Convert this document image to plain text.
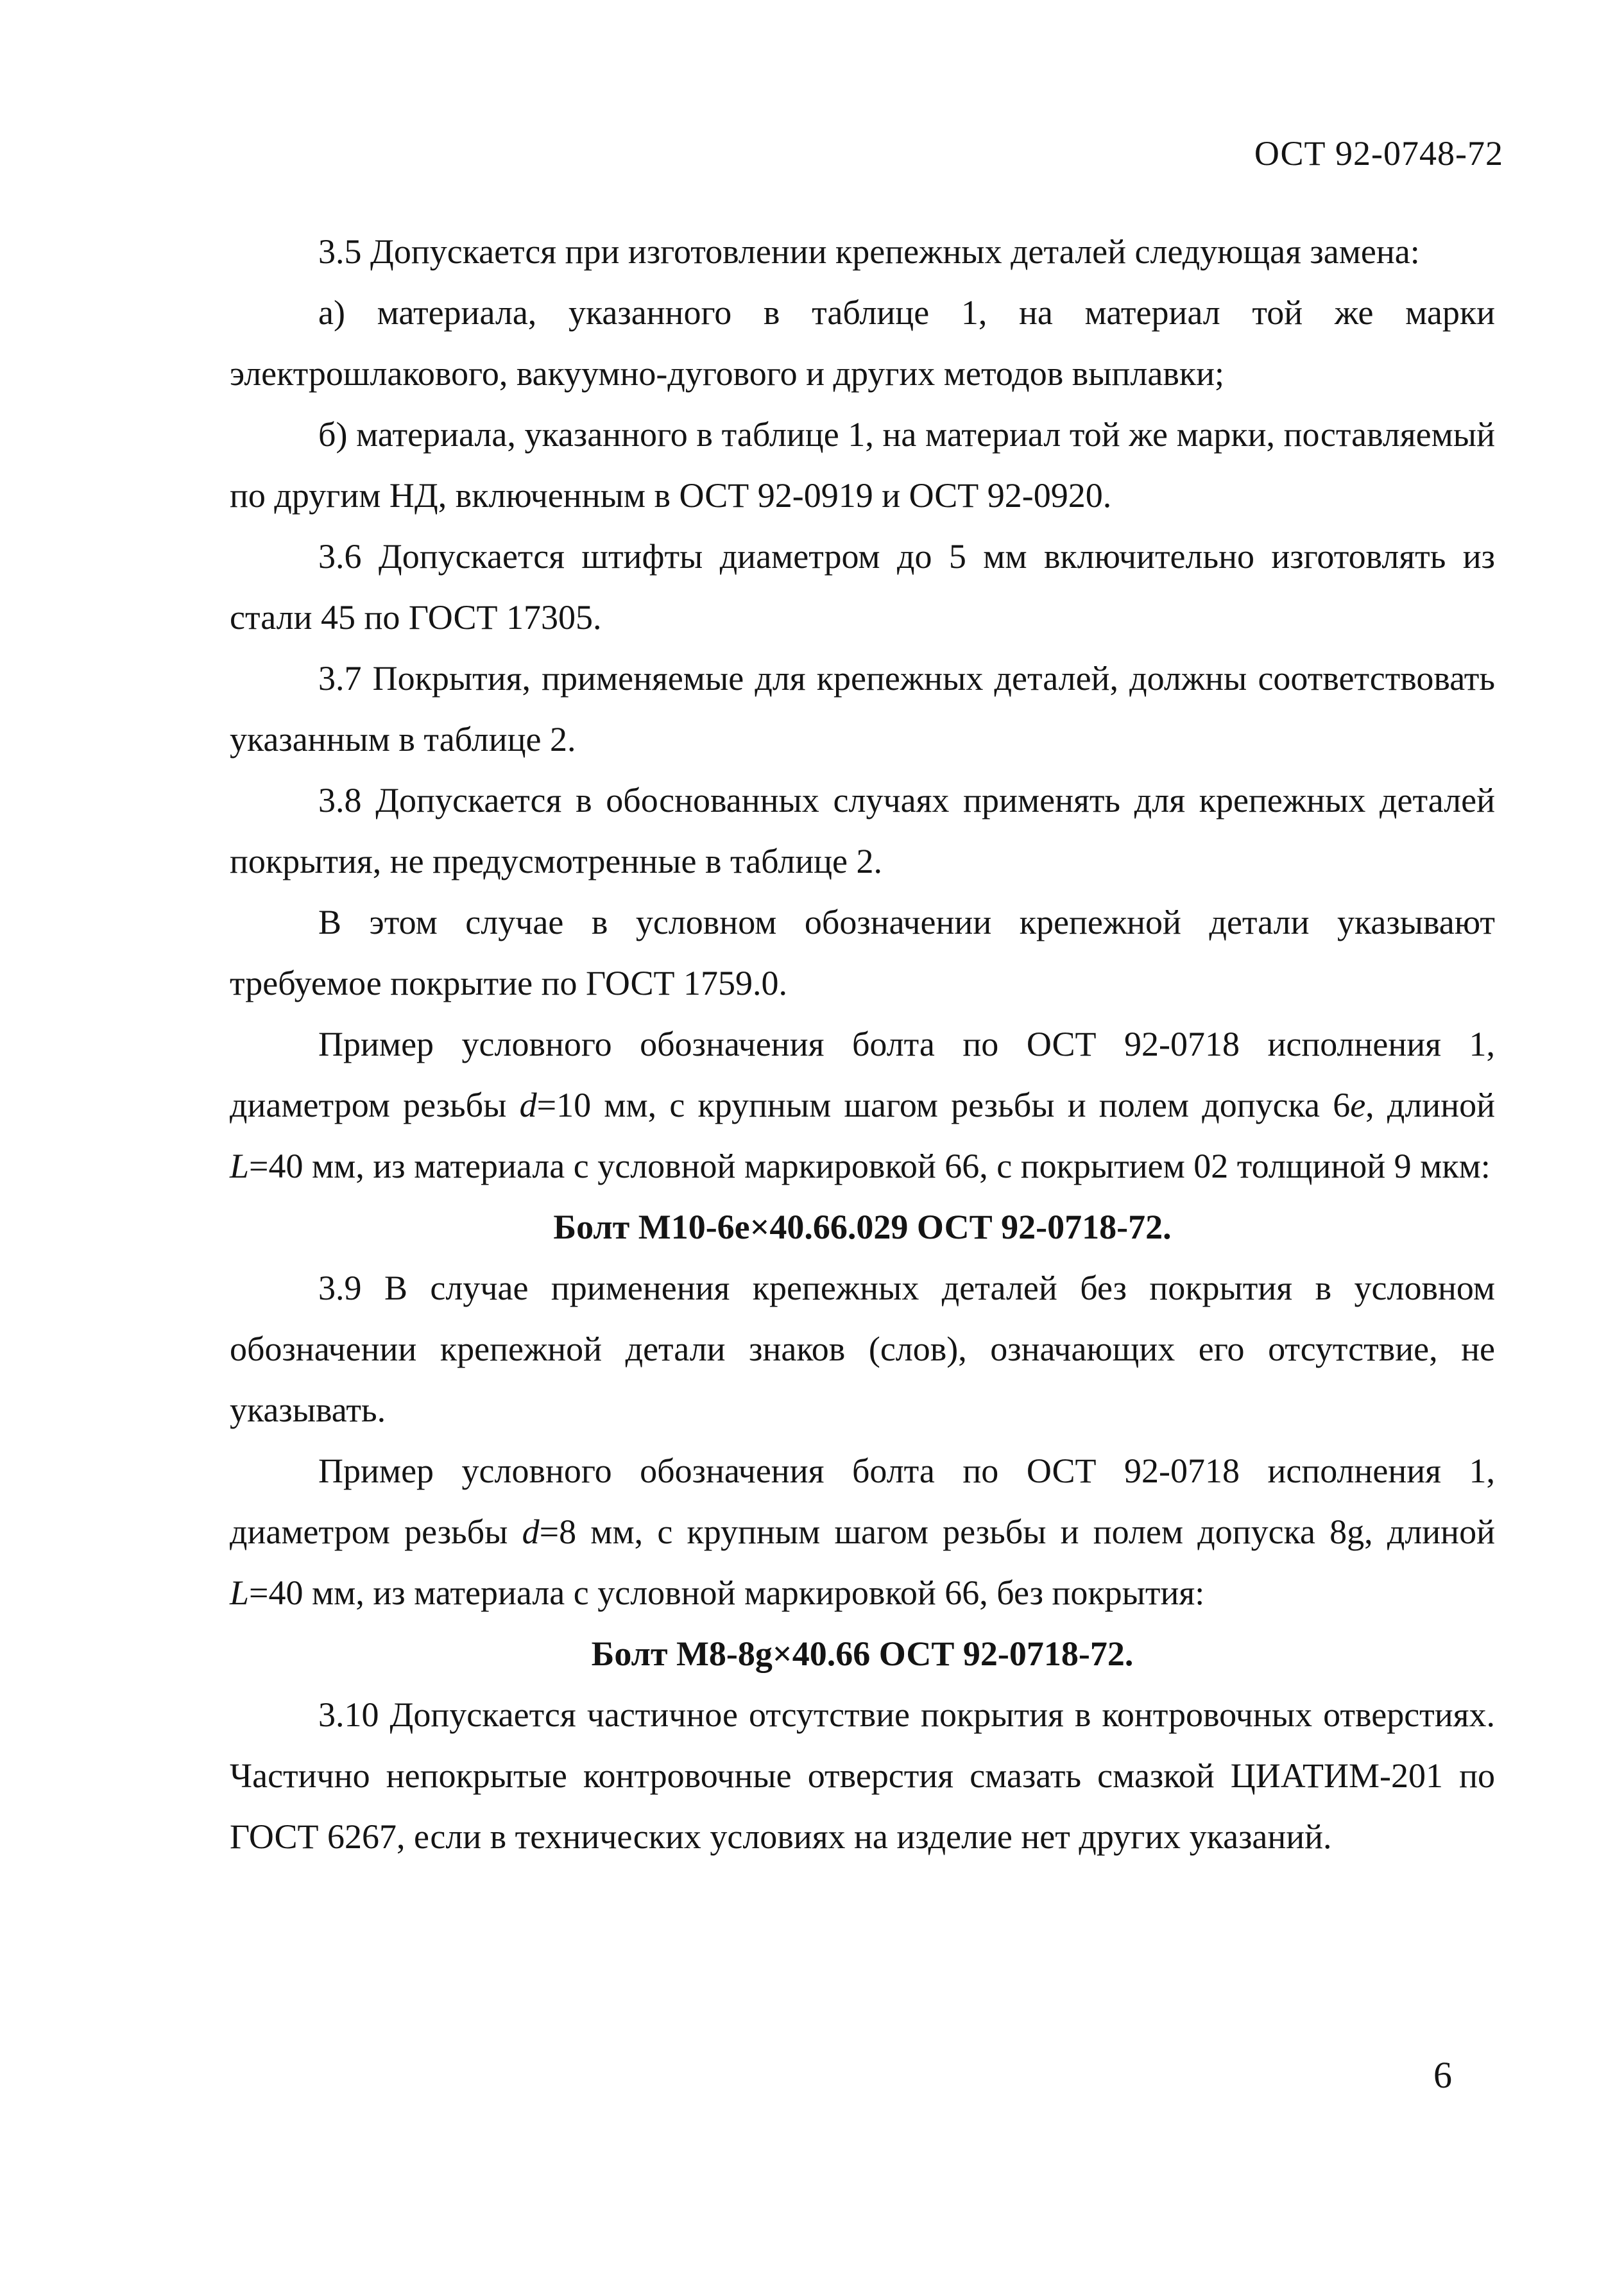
ОСТ 92-0748-72

3.5 Допускается при изготовлении крепежных деталей следующая замена:

а) материала, указанного в таблице 1, на материал той же марки электрошлакового, вакуумно-дугового и других методов выплавки;

б) материала, указанного в таблице 1, на материал той же марки, поставляемый по другим НД, включенным в ОСТ 92-0919 и ОСТ 92-0920.

3.6 Допускается штифты диаметром до 5 мм включительно изготовлять из стали 45 по ГОСТ 17305.

3.7 Покрытия, применяемые для крепежных деталей, должны соответствовать указанным в таблице 2.

3.8 Допускается в обоснованных случаях применять для крепежных деталей покрытия, не предусмотренные в таблице 2.

В этом случае в условном обозначении крепежной детали указывают требуемое покрытие по ГОСТ 1759.0.

Пример условного обозначения болта по ОСТ 92-0718 исполнения 1, диаметром резьбы d=10 мм, с крупным шагом резьбы и полем допуска 6е, длиной L=40 мм, из материала с условной маркировкой 66, с покрытием 02 толщиной 9 мкм:

Болт М10-6е×40.66.029 ОСТ 92-0718-72.

3.9 В случае применения крепежных деталей без покрытия в условном обозначении крепежной детали знаков (слов), означающих его отсутствие, не указывать.

Пример условного обозначения болта по ОСТ 92-0718 исполнения 1, диаметром резьбы d=8 мм, с крупным шагом резьбы и полем допуска 8g, длиной L=40 мм, из материала с условной маркировкой 66, без покрытия:

Болт М8-8g×40.66 ОСТ 92-0718-72.

3.10 Допускается частичное отсутствие покрытия в контровочных отверстиях. Частично непокрытые контровочные отверстия смазать смазкой ЦИАТИМ-201 по ГОСТ 6267, если в технических условиях на изделие нет других указаний.

6
